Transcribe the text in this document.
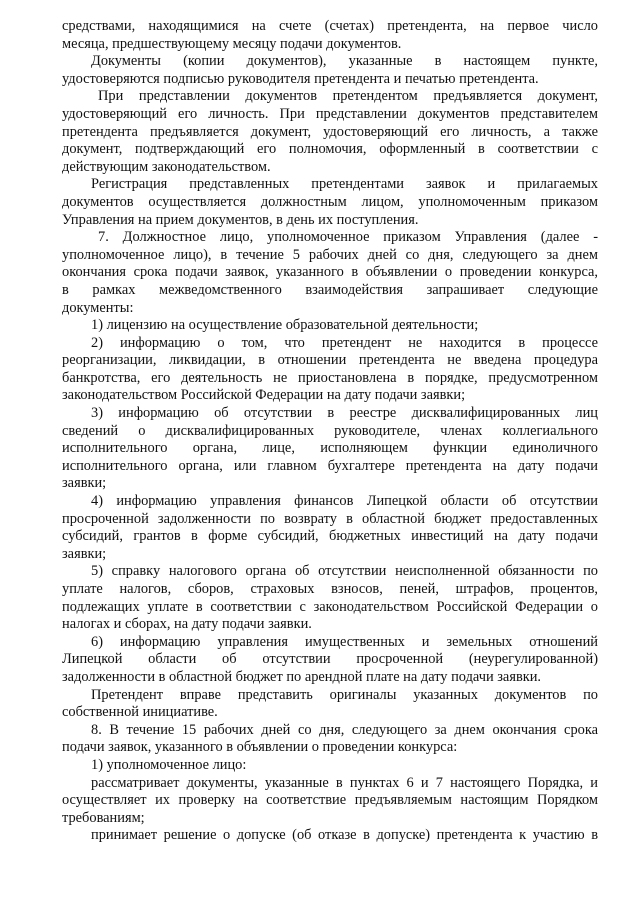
средствами, находящимися на счете (счетах) претендента, на первое число
месяца, предшествующему месяцу подачи документов.
Документы (копии документов), указанные в настоящем пункте,
удостоверяются подписью руководителя претендента и печатью претендента.
При представлении документов претендентом предъявляется документ,
удостоверяющий его личность. При представлении документов представителем
претендента предъявляется документ, удостоверяющий его личность, а также
документ, подтверждающий его полномочия, оформленный в соответствии с
действующим законодательством.
Регистрация представленных претендентами заявок и прилагаемых
документов осуществляется должностным лицом, уполномоченным приказом
Управления на прием документов, в день их поступления.
7. Должностное лицо, уполномоченное приказом Управления (далее -
уполномоченное лицо), в течение 5 рабочих дней со дня, следующего за днем
окончания срока подачи заявок, указанного в объявлении о проведении конкурса,
в рамках межведомственного взаимодействия запрашивает следующие
документы:
1) лицензию на осуществление образовательной деятельности;
2) информацию о том, что претендент не находится в процессе
реорганизации, ликвидации, в отношении претендента не введена процедура
банкротства, его деятельность не приостановлена в порядке, предусмотренном
законодательством Российской Федерации на дату подачи заявки;
3) информацию об отсутствии в реестре дисквалифицированных лиц
сведений о дисквалифицированных руководителе, членах коллегиального
исполнительного органа, лице, исполняющем функции единоличного
исполнительного органа, или главном бухгалтере претендента на дату подачи
заявки;
4) информацию управления финансов Липецкой области об отсутствии
просроченной задолженности по возврату в областной бюджет предоставленных
субсидий, грантов в форме субсидий, бюджетных инвестиций на дату подачи
заявки;
5) справку налогового органа об отсутствии неисполненной обязанности по
уплате налогов, сборов, страховых взносов, пеней, штрафов, процентов,
подлежащих уплате в соответствии с законодательством Российской Федерации о
налогах и сборах, на дату подачи заявки.
6) информацию управления имущественных и земельных отношений
Липецкой области об отсутствии просроченной (неурегулированной)
задолженности в областной бюджет по арендной плате на дату подачи заявки.
Претендент вправе представить оригиналы указанных документов по
собственной инициативе.
8. В течение 15 рабочих дней со дня, следующего за днем окончания срока
подачи заявок, указанного в объявлении о проведении конкурса:
1) уполномоченное лицо:
рассматривает документы, указанные в пунктах 6 и 7 настоящего Порядка, и
осуществляет их проверку на соответствие предъявляемым настоящим Порядком
требованиям;
принимает решение о допуске (об отказе в допуске) претендента к участию в
